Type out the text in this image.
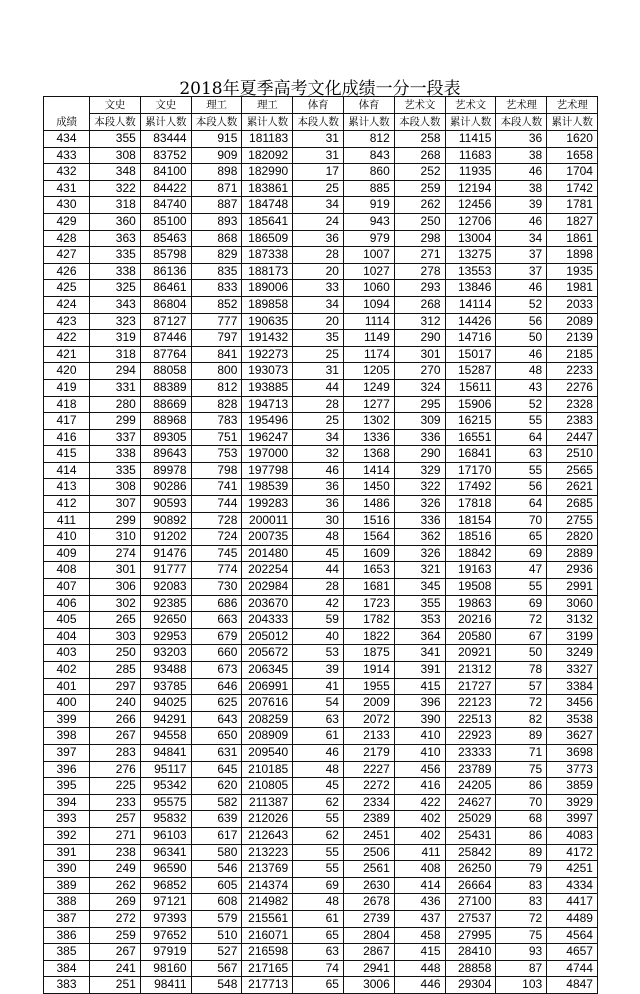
2018年夏季高考文化成绩一分一段表
	文史	文史	理工	理工	体育	体育	艺术文	艺术文	艺术理	艺术理
成绩	本段人数	累计人数	本段人数	累计人数	本段人数	累计人数	本段人数	累计人数	本段人数	累计人数
434	355	83444	915	181183	31	812	258	11415	36	1620
433	308	83752	909	182092	31	843	268	11683	38	1658
432	348	84100	898	182990	17	860	252	11935	46	1704
431	322	84422	871	183861	25	885	259	12194	38	1742
430	318	84740	887	184748	34	919	262	12456	39	1781
429	360	85100	893	185641	24	943	250	12706	46	1827
428	363	85463	868	186509	36	979	298	13004	34	1861
427	335	85798	829	187338	28	1007	271	13275	37	1898
426	338	86136	835	188173	20	1027	278	13553	37	1935
425	325	86461	833	189006	33	1060	293	13846	46	1981
424	343	86804	852	189858	34	1094	268	14114	52	2033
423	323	87127	777	190635	20	1114	312	14426	56	2089
422	319	87446	797	191432	35	1149	290	14716	50	2139
421	318	87764	841	192273	25	1174	301	15017	46	2185
420	294	88058	800	193073	31	1205	270	15287	48	2233
419	331	88389	812	193885	44	1249	324	15611	43	2276
418	280	88669	828	194713	28	1277	295	15906	52	2328
417	299	88968	783	195496	25	1302	309	16215	55	2383
416	337	89305	751	196247	34	1336	336	16551	64	2447
415	338	89643	753	197000	32	1368	290	16841	63	2510
414	335	89978	798	197798	46	1414	329	17170	55	2565
413	308	90286	741	198539	36	1450	322	17492	56	2621
412	307	90593	744	199283	36	1486	326	17818	64	2685
411	299	90892	728	200011	30	1516	336	18154	70	2755
410	310	91202	724	200735	48	1564	362	18516	65	2820
409	274	91476	745	201480	45	1609	326	18842	69	2889
408	301	91777	774	202254	44	1653	321	19163	47	2936
407	306	92083	730	202984	28	1681	345	19508	55	2991
406	302	92385	686	203670	42	1723	355	19863	69	3060
405	265	92650	663	204333	59	1782	353	20216	72	3132
404	303	92953	679	205012	40	1822	364	20580	67	3199
403	250	93203	660	205672	53	1875	341	20921	50	3249
402	285	93488	673	206345	39	1914	391	21312	78	3327
401	297	93785	646	206991	41	1955	415	21727	57	3384
400	240	94025	625	207616	54	2009	396	22123	72	3456
399	266	94291	643	208259	63	2072	390	22513	82	3538
398	267	94558	650	208909	61	2133	410	22923	89	3627
397	283	94841	631	209540	46	2179	410	23333	71	3698
396	276	95117	645	210185	48	2227	456	23789	75	3773
395	225	95342	620	210805	45	2272	416	24205	86	3859
394	233	95575	582	211387	62	2334	422	24627	70	3929
393	257	95832	639	212026	55	2389	402	25029	68	3997
392	271	96103	617	212643	62	2451	402	25431	86	4083
391	238	96341	580	213223	55	2506	411	25842	89	4172
390	249	96590	546	213769	55	2561	408	26250	79	4251
389	262	96852	605	214374	69	2630	414	26664	83	4334
388	269	97121	608	214982	48	2678	436	27100	83	4417
387	272	97393	579	215561	61	2739	437	27537	72	4489
386	259	97652	510	216071	65	2804	458	27995	75	4564
385	267	97919	527	216598	63	2867	415	28410	93	4657
384	241	98160	567	217165	74	2941	448	28858	87	4744
383	251	98411	548	217713	65	3006	446	29304	103	4847
